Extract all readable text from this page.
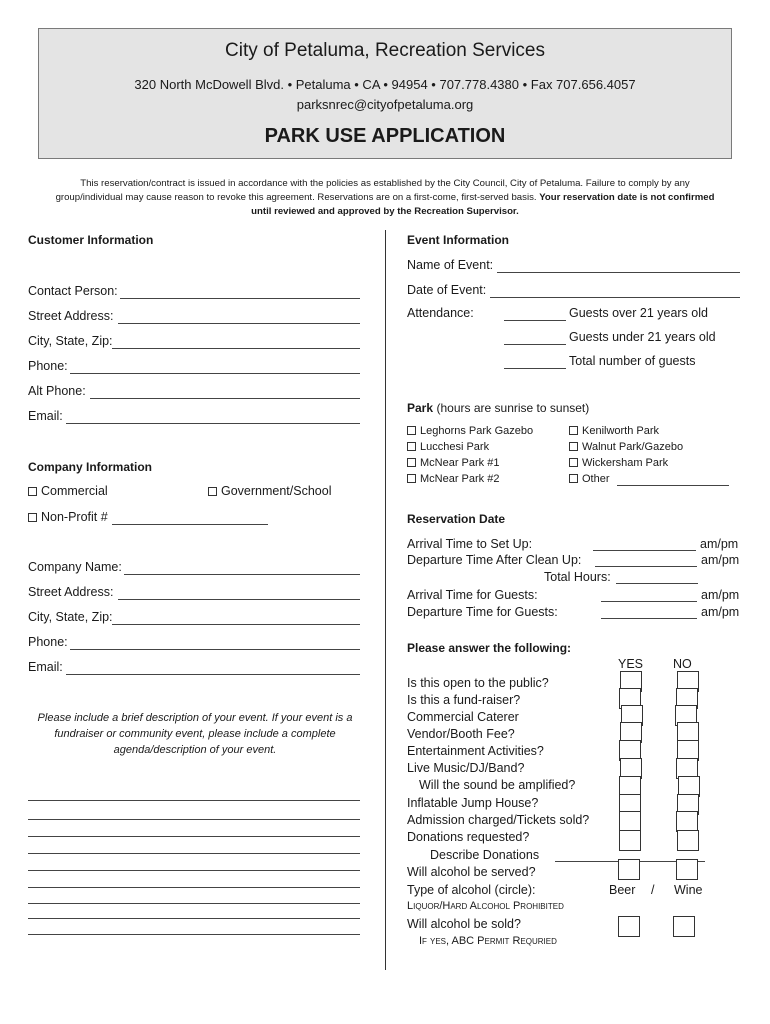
City of Petaluma, Recreation Services
320 North McDowell Blvd. • Petaluma • CA • 94954 • 707.778.4380 • Fax 707.656.4057
parksnrec@cityofpetaluma.org
PARK USE APPLICATION
This reservation/contract is issued in accordance with the policies as established by the City Council, City of Petaluma. Failure to comply by any group/individual may cause reason to revoke this agreement. Reservations are on a first-come, first-served basis. Your reservation date is not confirmed until reviewed and approved by the Recreation Supervisor.
Customer Information
Contact Person:
Street Address:
City, State, Zip:
Phone:
Alt Phone:
Email:
Company Information
Commercial	Government/School
Non-Profit #
Company Name:
Street Address:
City, State, Zip:
Phone:
Email:
Please include a brief description of your event. If your event is a fundraiser or community event, please include a complete agenda/description of your event.
Event Information
Name of Event:
Date of Event:
Attendance:	Guests over 21 years old
Guests under 21 years old
Total number of guests
Park (hours are sunrise to sunset)
Leghorns Park Gazebo
Lucchesi Park
McNear Park #1
McNear Park #2
Kenilworth Park
Walnut Park/Gazebo
Wickersham Park
Other
Reservation Date
Arrival Time to Set Up:	am/pm
Departure Time After Clean Up:	am/pm
Total Hours:
Arrival Time for Guests:	am/pm
Departure Time for Guests:	am/pm
Please answer the following:
YES NO
Is this open to the public?
Is this a fund-raiser?
Commercial Caterer
Vendor/Booth Fee?
Entertainment Activities?
Live Music/DJ/Band?
Will the sound be amplified?
Inflatable Jump House?
Admission charged/Tickets sold?
Donations requested?
Describe Donations
Will alcohol be served?
Type of alcohol (circle):	Beer / Wine
Liquor/Hard Alcohol Prohibited
Will alcohol be sold?
If yes, ABC Permit Requried
